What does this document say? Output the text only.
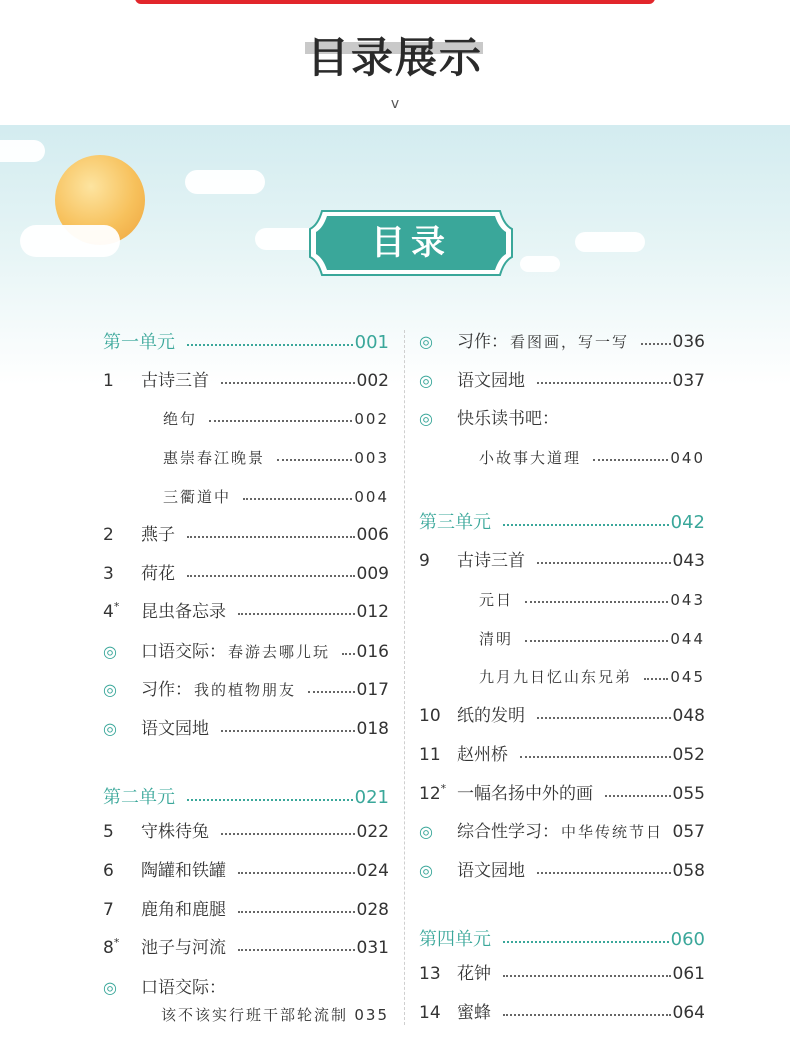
目录展示
v
目录
第一单元	001
1 古诗三首	002
绝句	002
惠崇春江晚景	003
三衢道中	004
2 燕子	006
3 荷花	009
4* 昆虫备忘录	012
◎ 口语交际： 春游去哪儿玩 016
◎ 习作： 我的植物朋友	017
◎ 语文园地	018
第二单元	021
5 守株待兔	022
6 陶罐和铁罐	024
7 鹿角和鹿腿	028
8* 池子与河流	031
◎ 口语交际：
该不该实行班干部轮流制 035
◎ 习作： 看图画，写一写	036
◎ 语文园地	037
◎ 快乐读书吧：
小故事大道理	040
第三单元	042
9 古诗三首	043
元日	043
清明	044
九月九日忆山东兄弟	045
10 纸的发明	048
11 赵州桥	052
12* 一幅名扬中外的画	055
◎ 综合性学习： 中华传统节日 057
◎ 语文园地	058
第四单元	060
13 花钟	061
14 蜜蜂	064
